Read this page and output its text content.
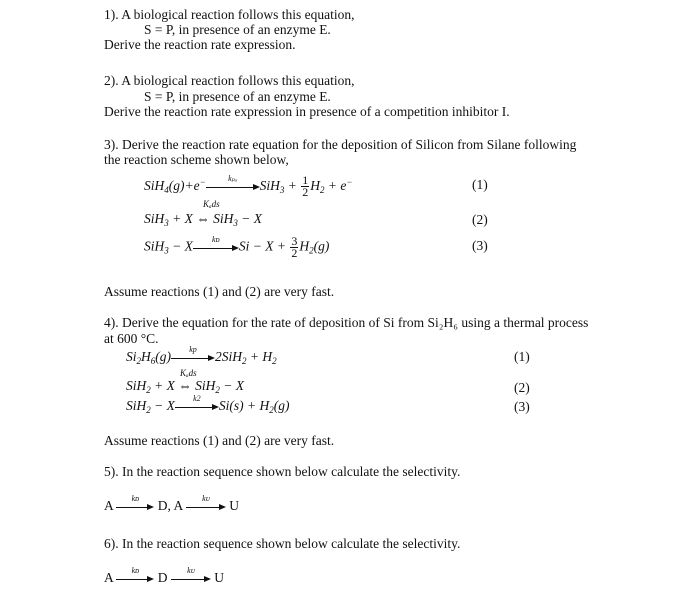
1). A biological reaction follows this equation,
S = P, in presence of an enzyme E.
Derive the reaction rate expression.
2). A biological reaction follows this equation,
S = P, in presence of an enzyme E.
Derive the reaction rate expression in presence of a competition inhibitor I.
3). Derive the reaction rate equation for the deposition of Silicon from Silane following
the reaction scheme shown below,
SiH$_4$(g)+e−	kₚₐ	$SiH_3 + \frac{1}{2} H_2 + e^-$	(1)
Kₐds
SiH$_3$ + X ⇔ SiH$_3$ − X	(2)
SiH$_3$ − X	kᴅ	$Si - X + \frac{3}{2} H_2(g)$	(3)
Assume reactions (1) and (2) are very fast.
4). Derive the equation for the rate of deposition of Si from Si₂H₆ using a thermal process
at 600 °C.
$Si_2H_6(g)$	kp	$2SiH_2 + H_2$	(1)
Kₐds
SiH$_2$ + X ⇔ SiH$_2$ − X	(2)
SiH$_2$ − X	k2	$Si(s) + H_2(g)$	(3)
Assume reactions (1) and (2) are very fast.
5). In the reaction sequence shown below calculate the selectivity.
A	kᴅ	D, A	kᴜ	U
6). In the reaction sequence shown below calculate the selectivity.
A	kᴅ	D	kᴜ	U
